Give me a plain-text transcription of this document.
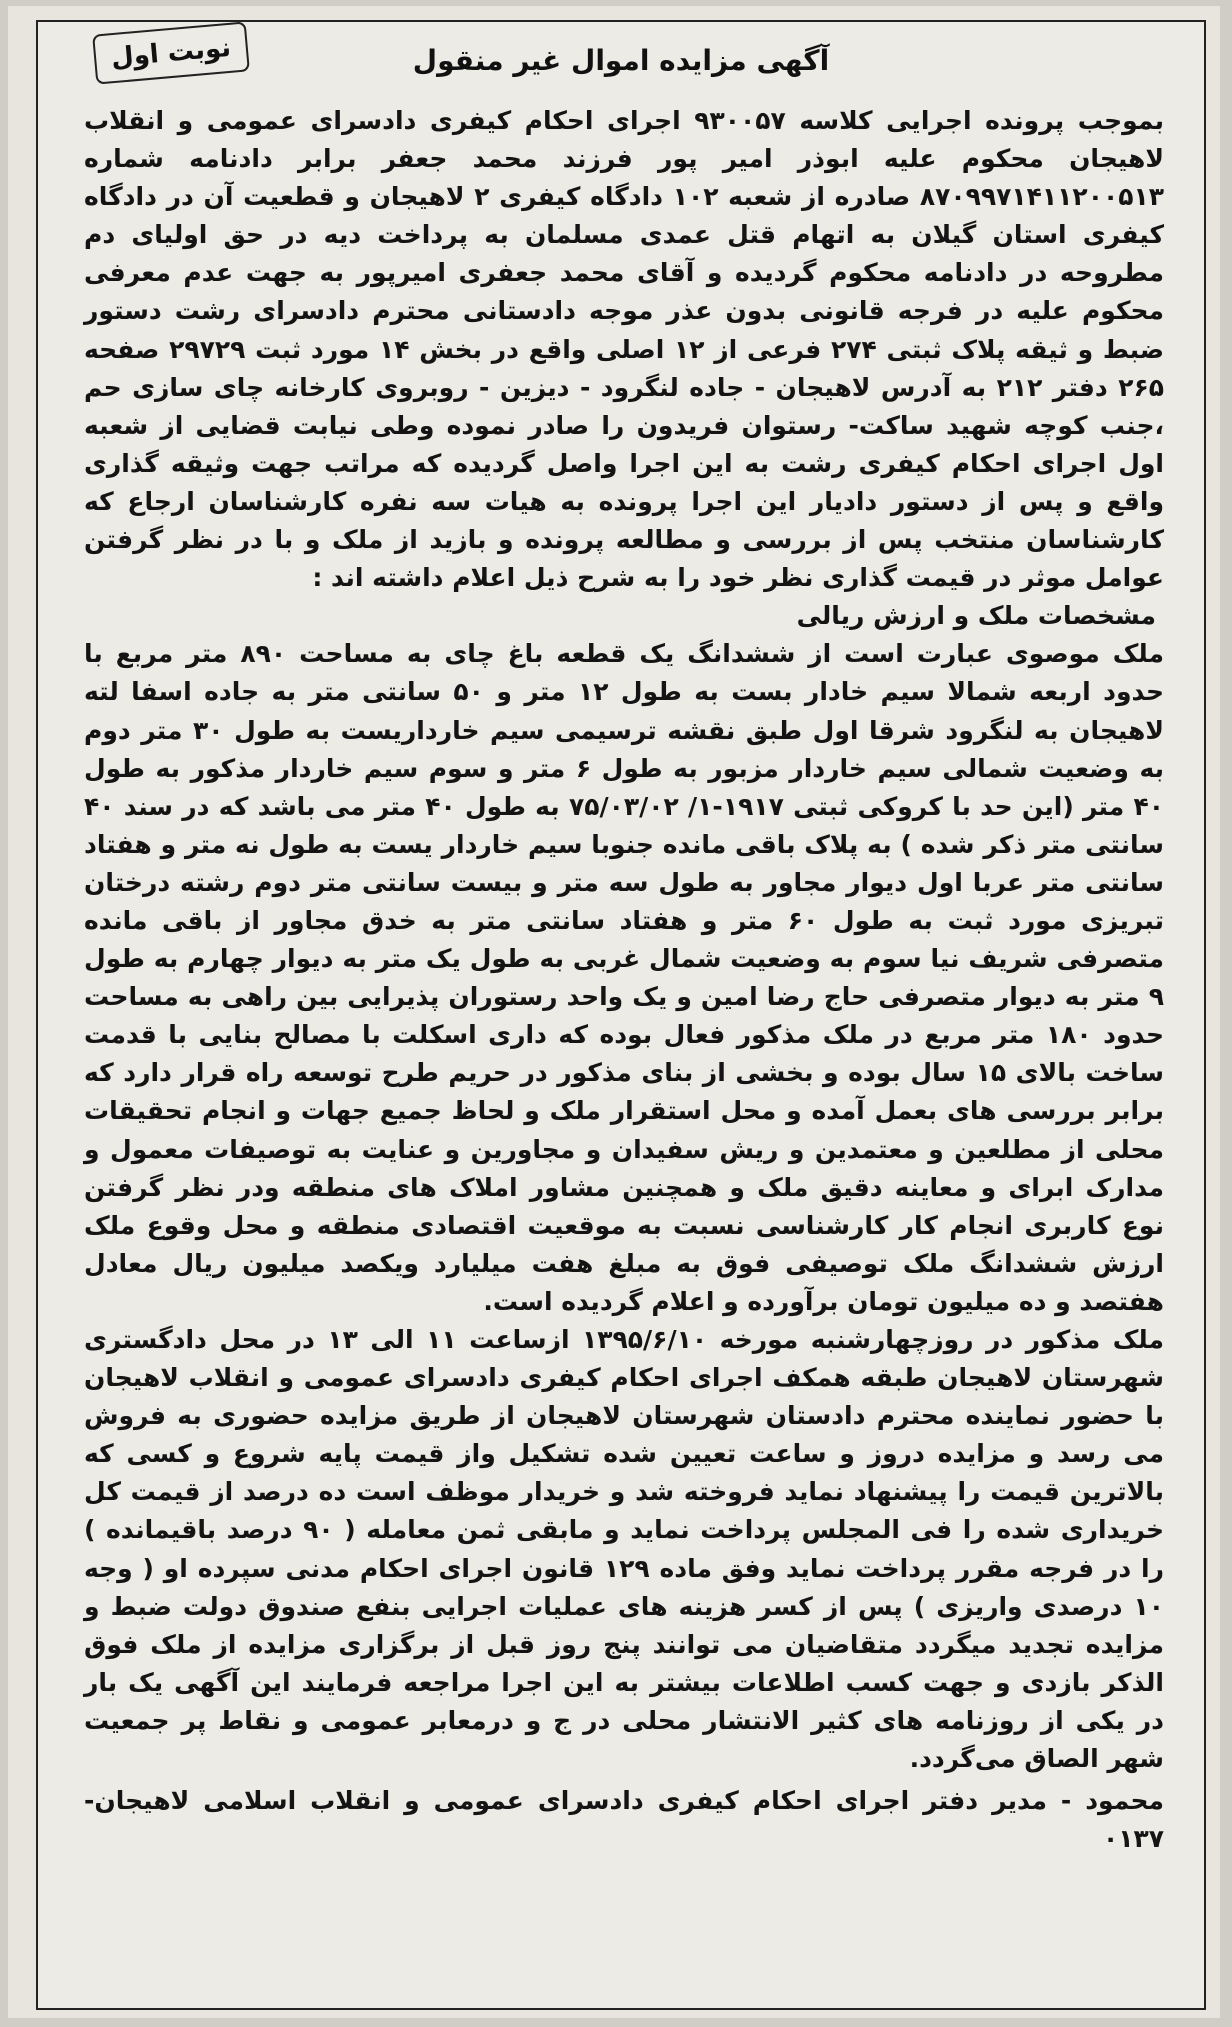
نوبت اول	آگهی مزایده اموال غیر منقول

بموجب پرونده اجرایی کلاسه ۹۳۰۰۵۷ اجرای احکام کیفری دادسرای عمومی و انقلاب لاهیجان محکوم علیه ابوذر امیر پور فرزند محمد جعفر برابر دادنامه شماره ۸۷۰۹۹۷۱۴۱۱۲۰۰۵۱۳ صادره از شعبه ۱۰۲ دادگاه کیفری ۲ لاهیجان و قطعیت آن در دادگاه کیفری استان گیلان به اتهام قتل عمدی مسلمان به پرداخت دیه در حق اولیای دم مطروحه در دادنامه محکوم گردیده و آقای محمد جعفری امیرپور به جهت عدم معرفی محکوم علیه در فرجه قانونی بدون عذر موجه دادستانی محترم دادسرای رشت دستور ضبط و ثیقه پلاک ثبتی ۲۷۴ فرعی از ۱۲ اصلی واقع در بخش ۱۴ مورد ثبت ۲۹۷۲۹ صفحه ۲۶۵ دفتر ۲۱۲ به آدرس لاهیجان - جاده لنگرود - دیزین - روبروی کارخانه چای سازی حم ،جنب کوچه شهید ساکت- رستوان فریدون را صادر نموده وطی نیابت قضایی از شعبه اول اجرای احکام کیفری رشت به این اجرا واصل گردیده که مراتب جهت وثیقه گذاری واقع و پس از دستور دادیار این اجرا پرونده به هیات سه نفره کارشناسان ارجاع که کارشناسان منتخب پس از بررسی و مطالعه پرونده و بازید از ملک و با در نظر گرفتن عوامل موثر در قیمت گذاری نظر خود را به شرح ذیل اعلام داشته اند :

مشخصات ملک و ارزش ریالی

ملک موصوی عبارت است از ششدانگ یک قطعه باغ چای به مساحت ۸۹۰ متر مربع با حدود اربعه شمالا سیم خادار بست به طول ۱۲ متر و ۵۰ سانتی متر به جاده اسفا لته لاهیجان به لنگرود شرقا اول طبق نقشه ترسیمی سیم خارداریست به طول ۳۰ متر دوم به وضعیت شمالی سیم خاردار مزبور به طول ۶ متر و سوم سیم خاردار مذکور به طول ۴۰ متر (این حد با کروکی ثبتی ۱۹۱۷-۱/ ۷۵/۰۳/۰۲ به طول ۴۰ متر می باشد که در سند ۴۰ سانتی متر ذکر شده ) به پلاک باقی مانده جنوبا سیم خاردار یست به طول نه متر و هفتاد سانتی متر عربا اول دیوار مجاور به طول سه متر و بیست سانتی متر دوم رشته درختان تبریزی مورد ثبت به طول ۶۰ متر و هفتاد سانتی متر به خدق مجاور از باقی مانده متصرفی شریف نیا سوم به وضعیت شمال غربی به طول یک متر به دیوار چهارم به طول ۹ متر به دیوار متصرفی حاج رضا امین و یک واحد رستوران پذیرایی بین راهی به مساحت حدود ۱۸۰ متر مربع در ملک مذکور فعال بوده که داری اسکلت با مصالح بنایی با قدمت ساخت بالای ۱۵ سال بوده و بخشی از بنای مذکور در حریم طرح توسعه راه قرار دارد که برابر بررسی های بعمل آمده و محل استقرار ملک و لحاظ جمیع جهات و انجام تحقیقات محلی از مطلعین و معتمدین و ریش سفیدان و مجاورین و عنایت به توصیفات معمول و مدارک ابرای و معاینه دقیق ملک و همچنین مشاور املاک های منطقه ودر نظر گرفتن نوع کاربری انجام کار کارشناسی نسبت به موقعیت اقتصادی منطقه و محل وقوع ملک ارزش ششدانگ ملک توصیفی فوق به مبلغ هفت میلیارد ویکصد میلیون ریال معادل هفتصد و ده میلیون تومان برآورده و اعلام گردیده است.

ملک مذکور در روزچهارشنبه مورخه ۱۳۹۵/۶/۱۰ ازساعت ۱۱ الی ۱۳ در محل دادگستری شهرستان لاهیجان طبقه همکف اجرای احکام کیفری دادسرای عمومی و انقلاب لاهیجان با حضور نماینده محترم دادستان شهرستان لاهیجان از طریق مزایده حضوری به فروش می رسد و مزایده دروز و ساعت تعیین شده تشکیل واز قیمت پایه شروع و کسی که بالاترین قیمت را پیشنهاد نماید فروخته شد و خریدار موظف است ده درصد از قیمت کل خریداری شده را فی المجلس پرداخت نماید و مابقی ثمن معامله ( ۹۰ درصد باقیمانده ) را در فرجه مقرر پرداخت نماید وفق ماده ۱۲۹ قانون اجرای احکام مدنی سپرده او ( وجه ۱۰ درصدی واریزی ) پس از کسر هزینه های عملیات اجرایی بنفع صندوق دولت ضبط و مزایده تجدید میگردد متقاضیان می توانند پنج روز قبل از برگزاری مزایده از ملک فوق الذکر بازدی و جهت کسب اطلاعات بیشتر به این اجرا مراجعه فرمایند این آگهی یک بار در یکی از روزنامه های کثیر الانتشار محلی در ج و درمعابر عمومی و نقاط پر جمعیت شهر الصاق می‌گردد.

محمود - مدیر دفتر اجرای احکام کیفری دادسرای عمومی و انقلاب اسلامی لاهیجان- ۰۱۳۷
